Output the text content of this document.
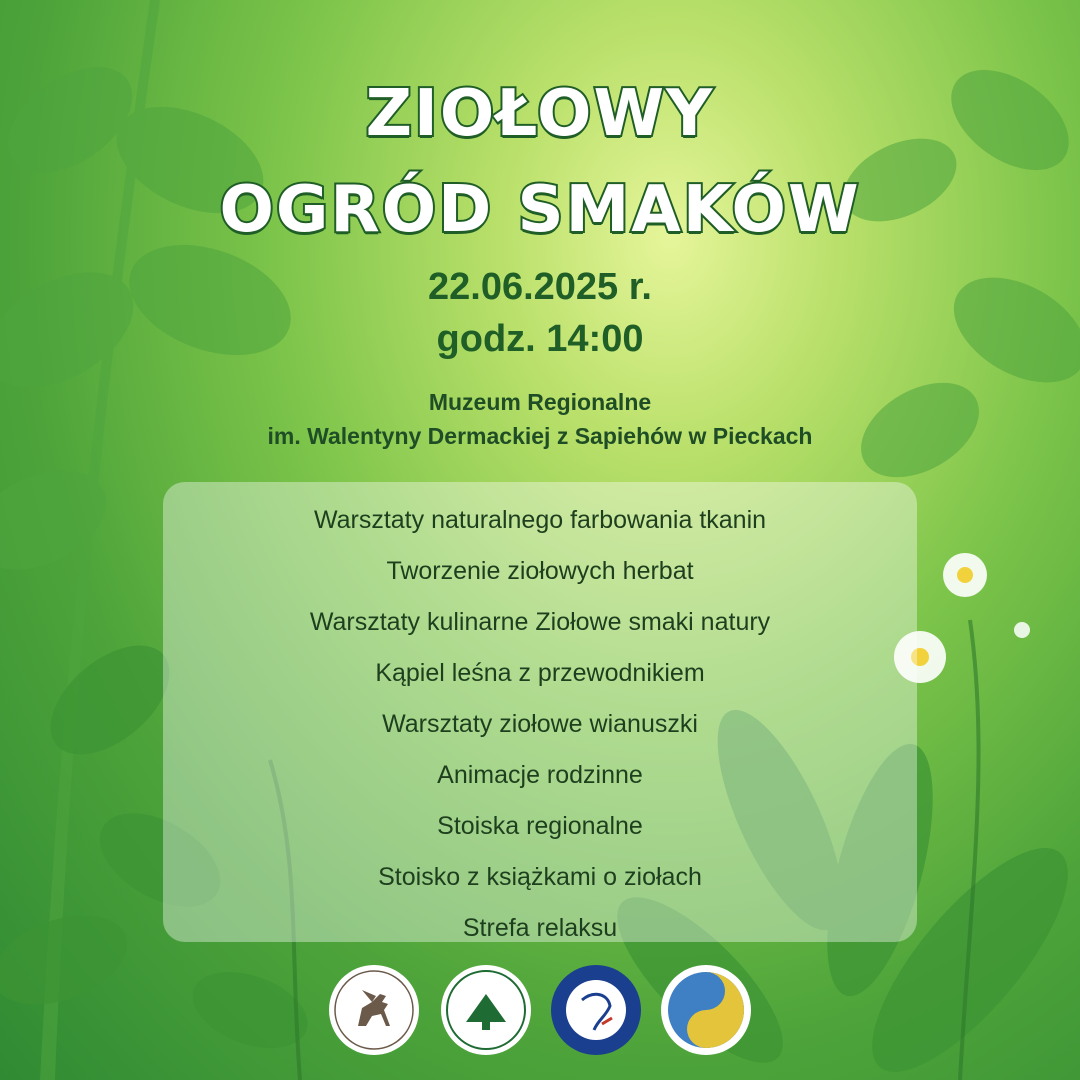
ZIOŁOWY
OGRÓD SMAKÓW
22.06.2025 r.
godz. 14:00
Muzeum Regionalne
im. Walentyny Dermackiej z Sapiehów w Pieckach
Warsztaty naturalnego farbowania tkanin
Tworzenie ziołowych herbat
Warsztaty kulinarne Ziołowe smaki natury
Kąpiel leśna z przewodnikiem
Warsztaty ziołowe wianuszki
Animacje rodzinne
Stoiska regionalne
Stoisko z książkami o ziołach
Strefa relaksu
